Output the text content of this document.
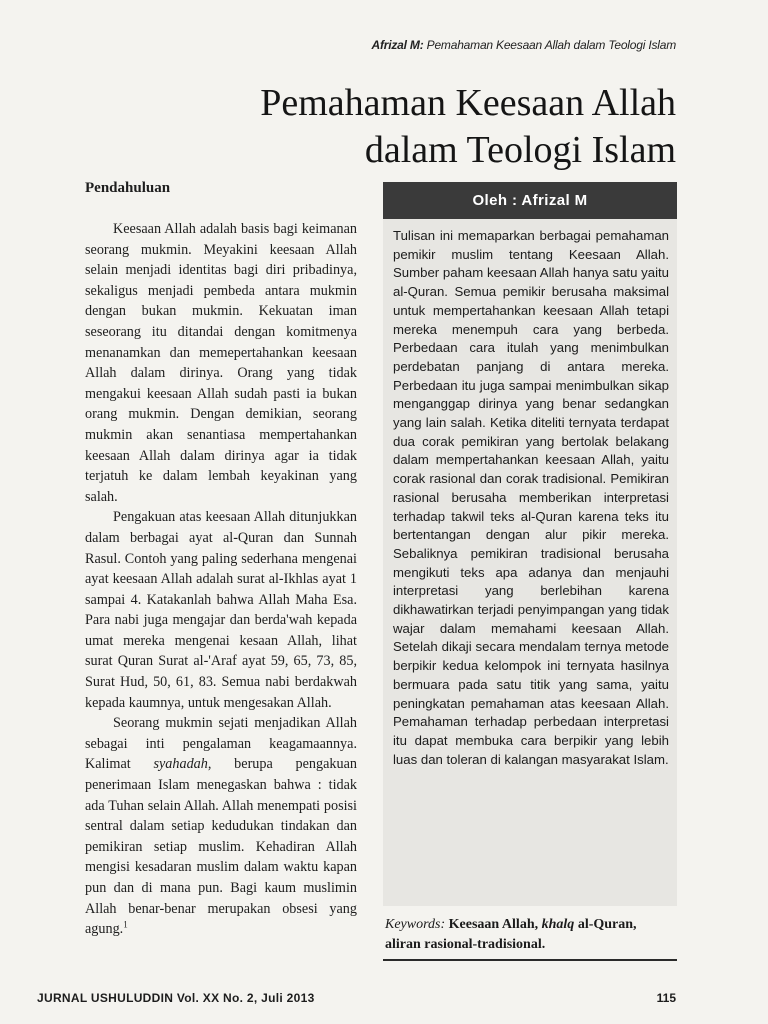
Afrizal M: Pemahaman Keesaan Allah dalam Teologi Islam
Pemahaman Keesaan Allah
dalam Teologi Islam
Pendahuluan

Keesaan Allah adalah basis bagi keimanan seorang mukmin. Meyakini keesaan Allah selain menjadi identitas bagi diri pribadinya, sekaligus menjadi pembeda antara mukmin dengan bukan mukmin. Kekuatan iman seseorang itu ditandai dengan komitmenya menanamkan dan memepertahankan keesaan Allah dalam dirinya. Orang yang tidak mengakui keesaan Allah sudah pasti ia bukan orang mukmin. Dengan demikian, seorang mukmin akan senantiasa mempertahankan keesaan Allah dalam dirinya agar ia tidak terjatuh ke dalam lembah keyakinan yang salah.

Pengakuan atas keesaan Allah ditunjukkan dalam berbagai ayat al-Quran dan Sunnah Rasul. Contoh yang paling sederhana mengenai ayat keesaan Allah adalah surat al-Ikhlas ayat 1 sampai 4. Katakanlah bahwa Allah Maha Esa. Para nabi juga mengajar dan berda'wah kepada umat mereka mengenai kesaan Allah, lihat surat Quran Surat al-'Araf ayat 59, 65, 73, 85, Surat Hud, 50, 61, 83. Semua nabi berdakwah kepada kaumnya, untuk mengesakan Allah.

Seorang mukmin sejati menjadikan Allah sebagai inti pengalaman keagamaannya. Kalimat syahadah, berupa pengakuan penerimaan Islam menegaskan bahwa : tidak ada Tuhan selain Allah. Allah menempati posisi sentral dalam setiap kedudukan tindakan dan pemikiran setiap muslim. Kehadiran Allah mengisi kesadaran muslim dalam waktu kapan pun dan di mana pun. Bagi kaum muslimin Allah benar-benar merupakan obsesi yang agung.$^1$

Oleh : Afrizal M

Tulisan ini memaparkan berbagai pemahaman pemikir muslim tentang Keesaan Allah. Sumber paham keesaan Allah hanya satu yaitu al-Quran. Semua pemikir berusaha maksimal untuk mempertahankan keesaan Allah tetapi mereka menempuh cara yang berbeda. Perbedaan cara itulah yang menimbulkan perdebatan panjang di antara mereka. Perbedaan itu juga sampai menimbulkan sikap menganggap dirinya yang benar sedangkan yang lain salah. Ketika diteliti ternyata terdapat dua corak pemikiran yang bertolak belakang dalam mempertahankan keesaan Allah, yaitu corak rasional dan corak tradisional. Pemikiran rasional berusaha memberikan interpretasi terhadap takwil teks al-Quran karena teks itu bertentangan dengan alur pikir mereka. Sebaliknya pemikiran tradisional berusaha mengikuti teks apa adanya dan menjauhi interpretasi yang berlebihan karena dikhawatirkan terjadi penyimpangan yang tidak wajar dalam memahami keesaan Allah. Setelah dikaji secara mendalam ternya metode berpikir kedua kelompok ini ternyata hasilnya bermuara pada satu titik yang sama, yaitu peningkatan pemahaman atas keesaan Allah. Pemahaman terhadap perbedaan interpretasi itu dapat membuka cara berpikir yang lebih luas dan toleran di kalangan masyarakat Islam.

Keywords: Keesaan Allah, khalq al-Quran, aliran rasional-tradisional.
JURNAL USHULUDDIN Vol. XX No. 2, Juli 2013	115
